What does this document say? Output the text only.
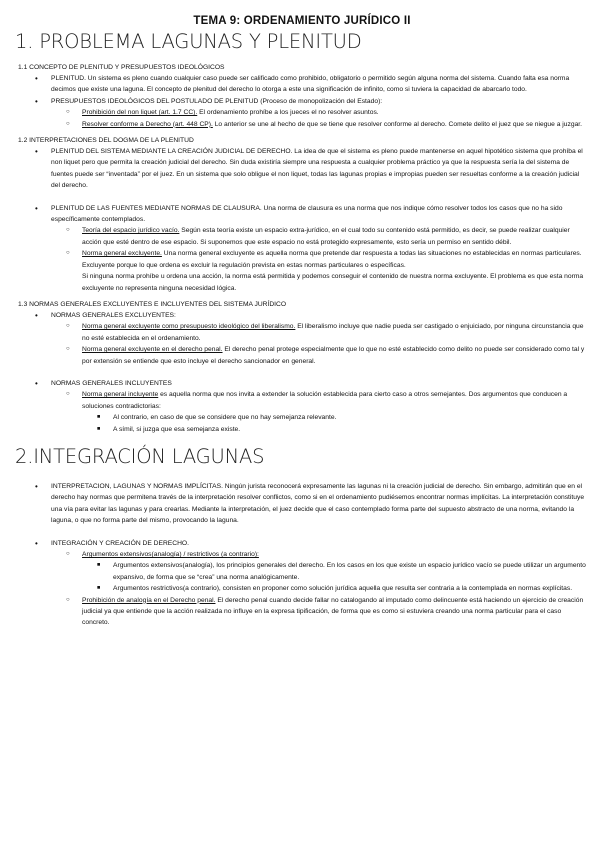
TEMA 9: ORDENAMIENTO JURÍDICO II
1. PROBLEMA LAGUNAS Y PLENITUD
1.1 CONCEPTO DE PLENITUD Y PRESUPUESTOS IDEOLÓGICOS
• PLENITUD. Un sistema es pleno cuando cualquier caso puede ser calificado como prohibido, obligatorio o permitido según alguna norma del sistema. Cuando falta esa norma decimos que existe una laguna. El concepto de plenitud del derecho lo otorga a este una significación de infinito, como si tuviera la capacidad de abarcarlo todo.
• PRESUPUESTOS IDEOLÓGICOS DEL POSTULADO DE PLENITUD (Proceso de monopolización del Estado):
○ Prohibición del non liquet (art. 1.7 CC). El ordenamiento prohíbe a los jueces el no resolver asuntos.
○ Resolver conforme a Derecho (art. 448 CP). Lo anterior se une al hecho de que se tiene que resolver conforme al derecho. Comete delito el juez que se niegue a juzgar.
1.2 INTERPRETACIONES DEL DOGMA DE LA PLENITUD
• PLENITUD DEL SISTEMA MEDIANTE LA CREACIÓN JUDICIAL DE DERECHO. La idea de que el sistema es pleno puede mantenerse en aquel hipotético sistema que prohíba el non liquet pero que permita la creación judicial del derecho. Sin duda existiría siempre una respuesta a cualquier problema práctico ya que la respuesta sería la del sistema de fuentes puede ser “inventada” por el juez. En un sistema que solo obligue el non liquet, todas las lagunas propias e impropias pueden ser resueltas conforme a la creación judicial del derecho.
• PLENITUD DE LAS FUENTES MEDIANTE NORMAS DE CLAUSURA. Una norma de clausura es una norma que nos indique cómo resolver todos los casos que no ha sido específicamente contemplados.
○ Teoría del espacio jurídico vacío. Según esta teoría existe un espacio extra-jurídico, en el cual todo su contenido está permitido, es decir, se puede realizar cualquier acción que esté dentro de ese espacio. Si suponemos que este espacio no está protegido expresamente, esto sería un permiso en sentido débil.
○ Norma general excluyente. Una norma general excluyente es aquella norma que pretende dar respuesta a todas las situaciones no establecidas en normas particulares. Excluyente porque lo que ordena es excluir la regulación prevista en estas normas particulares o específicas.
Si ninguna norma prohíbe u ordena una acción, la norma está permitida y podemos conseguir el contenido de nuestra norma excluyente. El problema es que esta norma excluyente no representa ninguna necesidad lógica.
1.3 NORMAS GENERALES EXCLUYENTES E INCLUYENTES DEL SISTEMA JURÍDICO
• NORMAS GENERALES EXCLUYENTES:
○ Norma general excluyente como presupuesto ideológico del liberalismo. El liberalismo incluye que nadie pueda ser castigado o enjuiciado, por ninguna circunstancia que no esté establecida en el ordenamiento.
○ Norma general excluyente en el derecho penal. El derecho penal protege especialmente que lo que no esté establecido como delito no puede ser considerado como tal y por extensión se entiende que esto incluye el derecho sancionador en general.
• NORMAS GENERALES INCLUYENTES
○ Norma general incluyente es aquella norma que nos invita a extender la solución establecida para cierto caso a otros semejantes. Dos argumentos que conducen a soluciones contradictorias:
■ Al contrario, en caso de que se considere que no hay semejanza relevante.
■ A símil, si juzga que esa semejanza existe.
2.INTEGRACIÓN LAGUNAS
• INTERPRETACION, LAGUNAS Y NORMAS IMPLÍCITAS. Ningún jurista reconocerá expresamente las lagunas ni la creación judicial de derecho. Sin embargo, admitirán que en el derecho hay normas que permitena través de la interpretación resolver conflictos, como si en el ordenamiento pudiésemos encontrar normas implícitas. La interpretación constituye una vía para evitar las lagunas y para crearlas. Mediante la interpretación, el juez decide que el caso contemplado forma parte del supuesto abstracto de una norma, evitando la laguna, o que no forma parte del mismo, provocando la laguna.
• INTEGRACIÓN Y CREACIÓN DE DERECHO.
○ Argumentos extensivos(analogía) / restrictivos (a contrario):
■ Argumentos extensivos(analogía), los principios generales del derecho. En los casos en los que existe un espacio jurídico vacío se puede utilizar un argumento expansivo, de forma que se “crea” una norma analógicamente.
■ Argumentos restrictivos(a contrario), consisten en proponer como solución jurídica aquella que resulta ser contraria a la contemplada en normas explícitas.
○ Prohibición de analogía en el Derecho penal. El derecho penal cuando decide fallar no catalogando al imputado como delincuente está haciendo un ejercicio de creación judicial ya que entiende que la acción realizada no influye en la expresa tipificación, de forma que es como si estuviera creando una norma particular para el caso concreto.
